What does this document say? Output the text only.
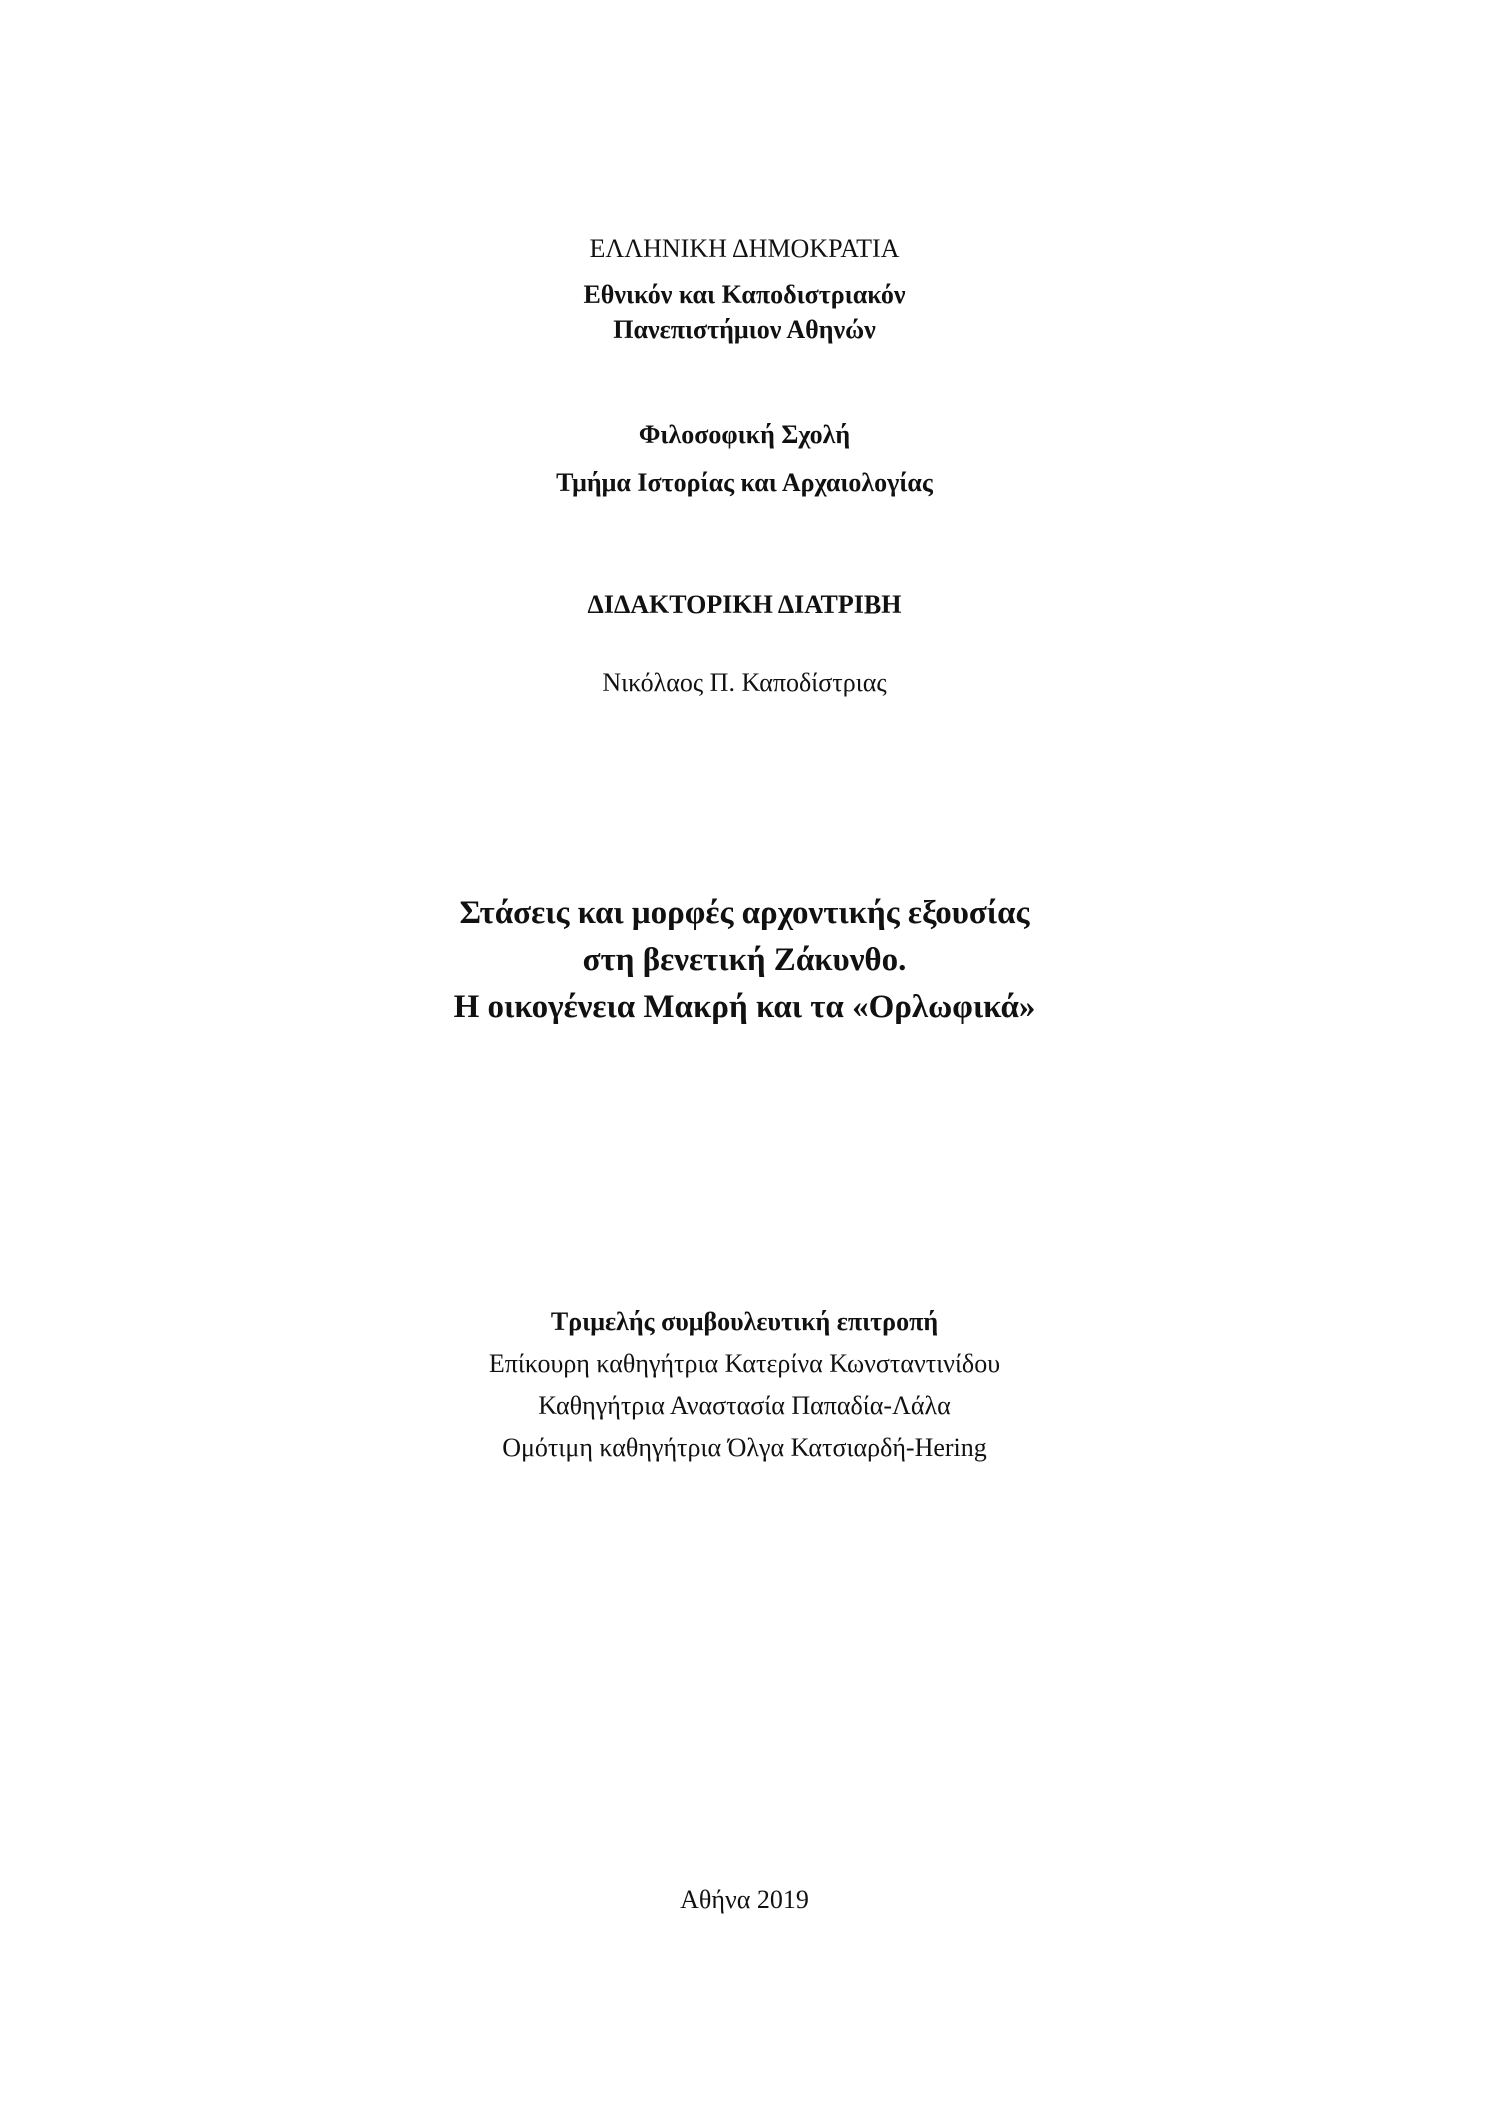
ΕΛΛΗΝΙΚΗ ΔΗΜΟΚΡΑΤΙΑ
Εθνικόν και Καποδιστριακόν
Πανεπιστήμιον Αθηνών
Φιλοσοφική Σχολή
Τμήμα Ιστορίας και Αρχαιολογίας
ΔΙΔΑΚΤΟΡΙΚΗ ΔΙΑΤΡΙΒΗ
Νικόλαος Π. Καποδίστριας
Στάσεις και μορφές αρχοντικής εξουσίας
στη βενετική Ζάκυνθο.
Η οικογένεια Μακρή και τα «Ορλωφικά»
Τριμελής συμβουλευτική επιτροπή
Επίκουρη καθηγήτρια Κατερίνα Κωνσταντινίδου
Καθηγήτρια Αναστασία Παπαδία-Λάλα
Ομότιμη καθηγήτρια Όλγα Κατσιαρδή-Hering
Αθήνα 2019
